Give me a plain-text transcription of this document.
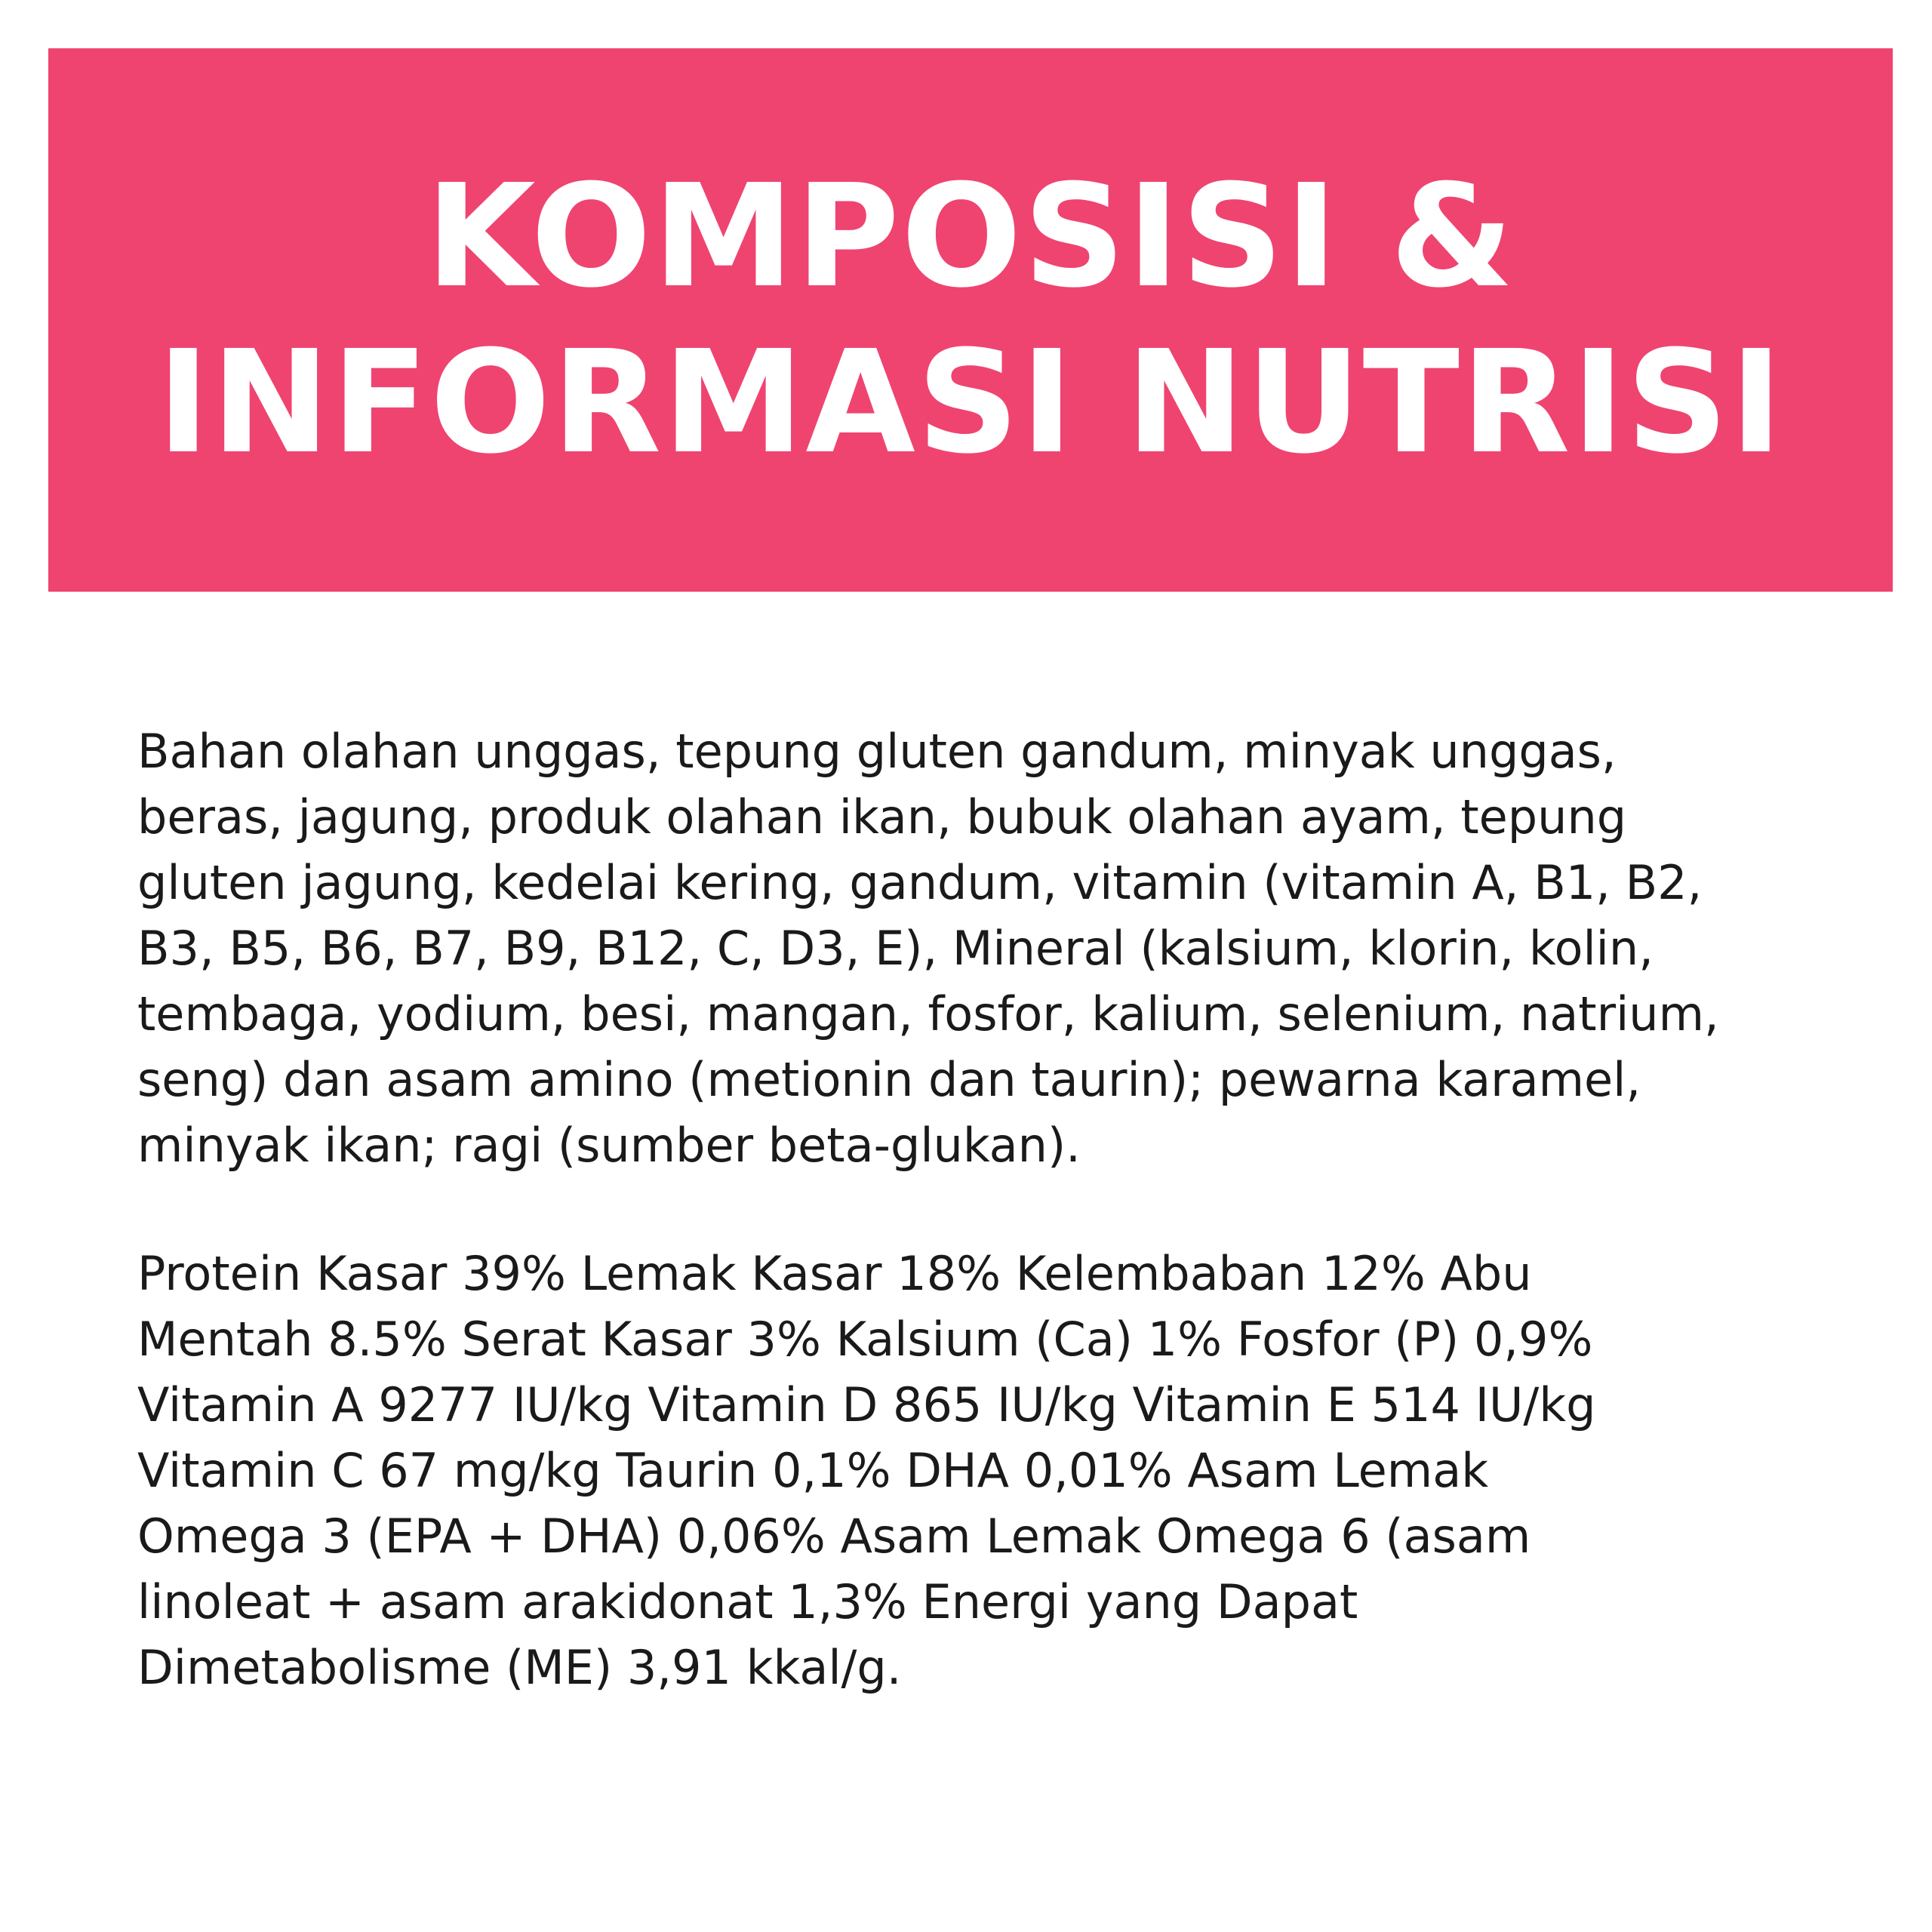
KOMPOSISI &
INFORMASI NUTRISI
Bahan olahan unggas, tepung gluten gandum, minyak unggas,
beras, jagung, produk olahan ikan, bubuk olahan ayam, tepung
gluten jagung, kedelai kering, gandum, vitamin (vitamin A, B1, B2,
B3, B5, B6, B7, B9, B12, C, D3, E), Mineral (kalsium, klorin, kolin,
tembaga, yodium, besi, mangan, fosfor, kalium, selenium, natrium,
seng) dan asam amino (metionin dan taurin); pewarna karamel,
minyak ikan; ragi (sumber beta-glukan).
Protein Kasar 39% Lemak Kasar 18% Kelembaban 12% Abu
Mentah 8.5% Serat Kasar 3% Kalsium (Ca) 1% Fosfor (P) 0,9%
Vitamin A 9277 IU/kg Vitamin D 865 IU/kg Vitamin E 514 IU/kg
Vitamin C 67 mg/kg Taurin 0,1% DHA 0,01% Asam Lemak
Omega 3 (EPA + DHA) 0,06% Asam Lemak Omega 6 (asam
linoleat + asam arakidonat 1,3% Energi yang Dapat
Dimetabolisme (ME) 3,91 kkal/g.
